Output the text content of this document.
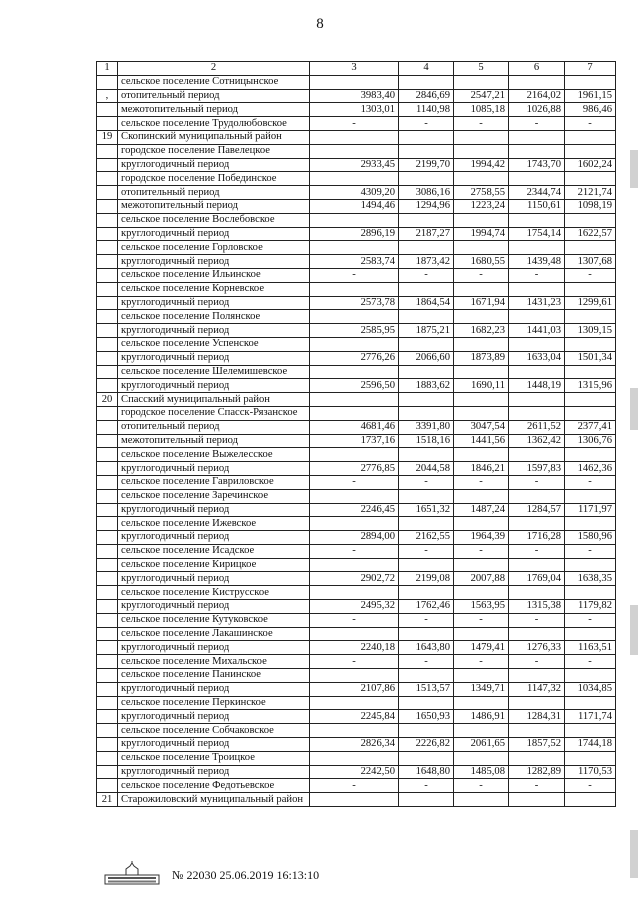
8
1	2	3	4	5	6	7
	сельское поселение Сотницынское					
,	отопительный период	3983,40	2846,69	2547,21	2164,02	1961,15
	межотопительный период	1303,01	1140,98	1085,18	1026,88	986,46
	сельское поселение Трудолюбовское	-	-	-	-	-
19	Скопинский муниципальный район					
	городское поселение Павелецкое					
	круглогодичный период	2933,45	2199,70	1994,42	1743,70	1602,24
	городское поселение Побединское					
	отопительный период	4309,20	3086,16	2758,55	2344,74	2121,74
	межотопительный период	1494,46	1294,96	1223,24	1150,61	1098,19
	сельское поселение Вослебовское					
	круглогодичный период	2896,19	2187,27	1994,74	1754,14	1622,57
	сельское поселение Горловское					
	круглогодичный период	2583,74	1873,42	1680,55	1439,48	1307,68
	сельское поселение Ильинское	-	-	-	-	-
	сельское поселение Корневское					
	круглогодичный период	2573,78	1864,54	1671,94	1431,23	1299,61
	сельское поселение Полянское					
	круглогодичный период	2585,95	1875,21	1682,23	1441,03	1309,15
	сельское поселение Успенское					
	круглогодичный период	2776,26	2066,60	1873,89	1633,04	1501,34
	сельское поселение Шелемишевское					
	круглогодичный период	2596,50	1883,62	1690,11	1448,19	1315,96
20	Спасский муниципальный район					
	городское поселение Спасск-Рязанское					
	отопительный период	4681,46	3391,80	3047,54	2611,52	2377,41
	межотопительный период	1737,16	1518,16	1441,56	1362,42	1306,76
	сельское поселение Выжелесское					
	круглогодичный период	2776,85	2044,58	1846,21	1597,83	1462,36
	сельское поселение Гавриловское	-	-	-	-	-
	сельское поселение Заречинское					
	круглогодичный период	2246,45	1651,32	1487,24	1284,57	1171,97
	сельское поселение Ижевское					
	круглогодичный период	2894,00	2162,55	1964,39	1716,28	1580,96
	сельское поселение Исадское	-	-	-	-	-
	сельское поселение Кирицкое					
	круглогодичный период	2902,72	2199,08	2007,88	1769,04	1638,35
	сельское поселение Киструсское					
	круглогодичный период	2495,32	1762,46	1563,95	1315,38	1179,82
	сельское поселение Кутуковское	-	-	-	-	-
	сельское поселение Лакашинское					
	круглогодичный период	2240,18	1643,80	1479,41	1276,33	1163,51
	сельское поселение Михальское	-	-	-	-	-
	сельское поселение Панинское					
	круглогодичный период	2107,86	1513,57	1349,71	1147,32	1034,85
	сельское поселение Перкинское					
	круглогодичный период	2245,84	1650,93	1486,91	1284,31	1171,74
	сельское поселение Собчаковское					
	круглогодичный период	2826,34	2226,82	2061,65	1857,52	1744,18
	сельское поселение Троицкое					
	круглогодичный период	2242,50	1648,80	1485,08	1282,89	1170,53
	сельское поселение Федотьевское	-	-	-	-	-
21	Старожиловский муниципальный район					
№ 22030 25.06.2019 16:13:10
